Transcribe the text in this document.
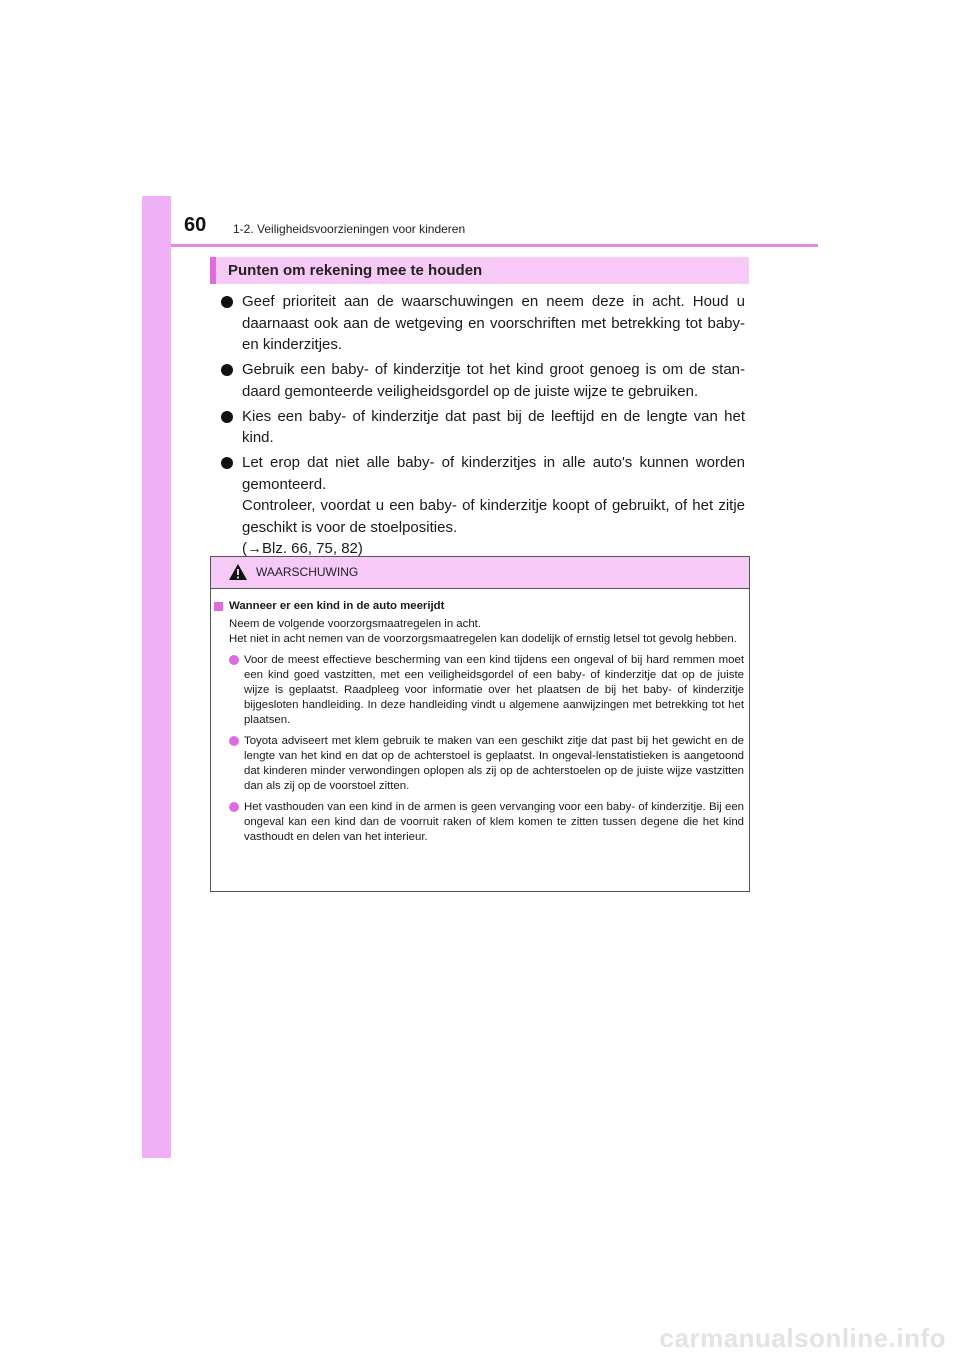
60 1-2. Veiligheidsvoorzieningen voor kinderen
Punten om rekening mee te houden

Geef prioriteit aan de waarschuwingen en neem deze in acht. Houd u daarnaast ook aan de wetgeving en voorschriften met betrekking tot baby- en kinderzitjes.

Gebruik een baby- of kinderzitje tot het kind groot genoeg is om de stan-daard gemonteerde veiligheidsgordel op de juiste wijze te gebruiken.

Kies een baby- of kinderzitje dat past bij de leeftijd en de lengte van het kind.

Let erop dat niet alle baby- of kinderzitjes in alle auto's kunnen worden gemonteerd.

Controleer, voordat u een baby- of kinderzitje koopt of gebruikt, of het zitje geschikt is voor de stoelposities.

(→Blz. 66, 75, 82)

WAARSCHUWING
Wanneer er een kind in de auto meerijdt
Neem de volgende voorzorgsmaatregelen in acht.
Het niet in acht nemen van de voorzorgsmaatregelen kan dodelijk of ernstig letsel tot gevolg hebben.

Voor de meest effectieve bescherming van een kind tijdens een ongeval of bij hard remmen moet een kind goed vastzitten, met een veiligheidsgordel of een baby- of kinderzitje dat op de juiste wijze is geplaatst. Raadpleeg voor informatie over het plaatsen de bij het baby- of kinderzitje bijgesloten handleiding. In deze handleiding vindt u algemene aanwijzingen met betrekking tot het plaatsen.

Toyota adviseert met klem gebruik te maken van een geschikt zitje dat past bij het gewicht en de lengte van het kind en dat op de achterstoel is geplaatst. In ongeval-lenstatistieken is aangetoond dat kinderen minder verwondingen oplopen als zij op de achterstoelen op de juiste wijze vastzitten dan als zij op de voorstoel zitten.

Het vasthouden van een kind in de armen is geen vervanging voor een baby- of kinderzitje. Bij een ongeval kan een kind dan de voorruit raken of klem komen te zitten tussen degene die het kind vasthoudt en delen van het interieur.

carmanualsonline.info
